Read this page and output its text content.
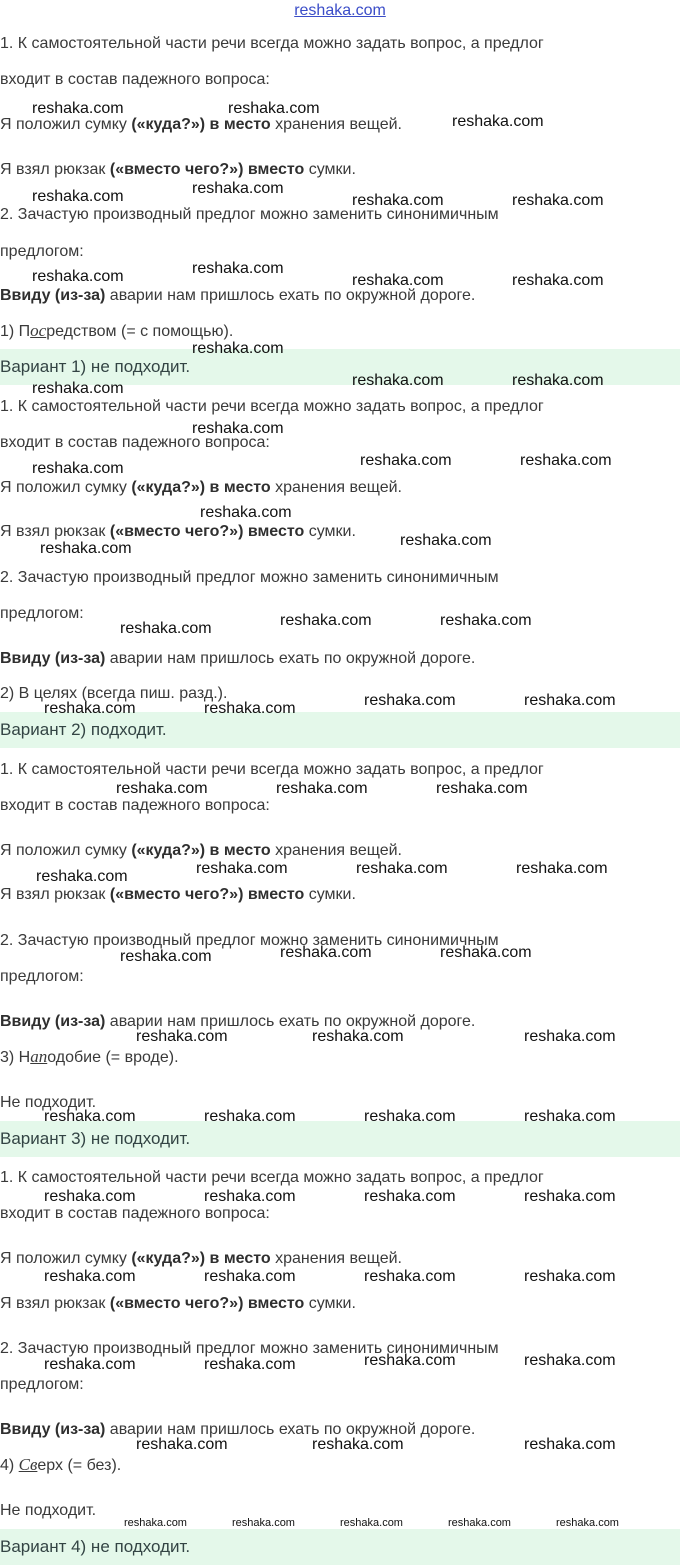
reshaka.com
1. К самостоятельной части речи всегда можно задать вопрос, а предлог
входит в состав падежного вопроса:
Я положил сумку («куда?») в место хранения вещей.
Я взял рюкзак («вместо чего?») вместо сумки.
2. Зачастую производный предлог можно заменить синонимичным
предлогом:
Ввиду (из-за) аварии нам пришлось ехать по окружной дороге.
1) Посредством (= с помощью).
Вариант 1) не подходит.
1. К самостоятельной части речи всегда можно задать вопрос, а предлог
входит в состав падежного вопроса:
Я положил сумку («куда?») в место хранения вещей.
Я взял рюкзак («вместо чего?») вместо сумки.
2. Зачастую производный предлог можно заменить синонимичным
предлогом:
Ввиду (из-за) аварии нам пришлось ехать по окружной дороге.
2) В целях (всегда пиш. разд.).
Вариант 2) подходит.
1. К самостоятельной части речи всегда можно задать вопрос, а предлог
входит в состав падежного вопроса:
Я положил сумку («куда?») в место хранения вещей.
Я взял рюкзак («вместо чего?») вместо сумки.
2. Зачастую производный предлог можно заменить синонимичным
предлогом:
Ввиду (из-за) аварии нам пришлось ехать по окружной дороге.
3) Наподобие (= вроде).
Не подходит.
Вариант 3) не подходит.
1. К самостоятельной части речи всегда можно задать вопрос, а предлог
входит в состав падежного вопроса:
Я положил сумку («куда?») в место хранения вещей.
Я взял рюкзак («вместо чего?») вместо сумки.
2. Зачастую производный предлог можно заменить синонимичным
предлогом:
Ввиду (из-за) аварии нам пришлось ехать по окружной дороге.
4) Сверх (= без).
Не подходит.
Вариант 4) не подходит.
reshaka.com	reshaka.com
reshaka.com
reshaka.com	reshaka.com
reshaka.com	reshaka.com
reshaka.com	reshaka.com
reshaka.com	reshaka.com
reshaka.com
reshaka.com	reshaka.com	reshaka.com
reshaka.com
reshaka.com	reshaka.com	reshaka.com
reshaka.com
reshaka.com	reshaka.com
reshaka.com	reshaka.com	reshaka.com
reshaka.com	reshaka.com
reshaka.com	reshaka.com
reshaka.com	reshaka.com	reshaka.com
reshaka.com	reshaka.com	reshaka.com
reshaka.com
reshaka.com	reshaka.com	reshaka.com
reshaka.com	reshaka.com	reshaka.com
reshaka.com	reshaka.com	reshaka.com	reshaka.com
reshaka.com	reshaka.com	reshaka.com	reshaka.com
reshaka.com	reshaka.com	reshaka.com	reshaka.com
reshaka.com	reshaka.com	reshaka.com	reshaka.com
reshaka.com	reshaka.com	reshaka.com
reshaka.com	reshaka.com	reshaka.com	reshaka.com	reshaka.com
